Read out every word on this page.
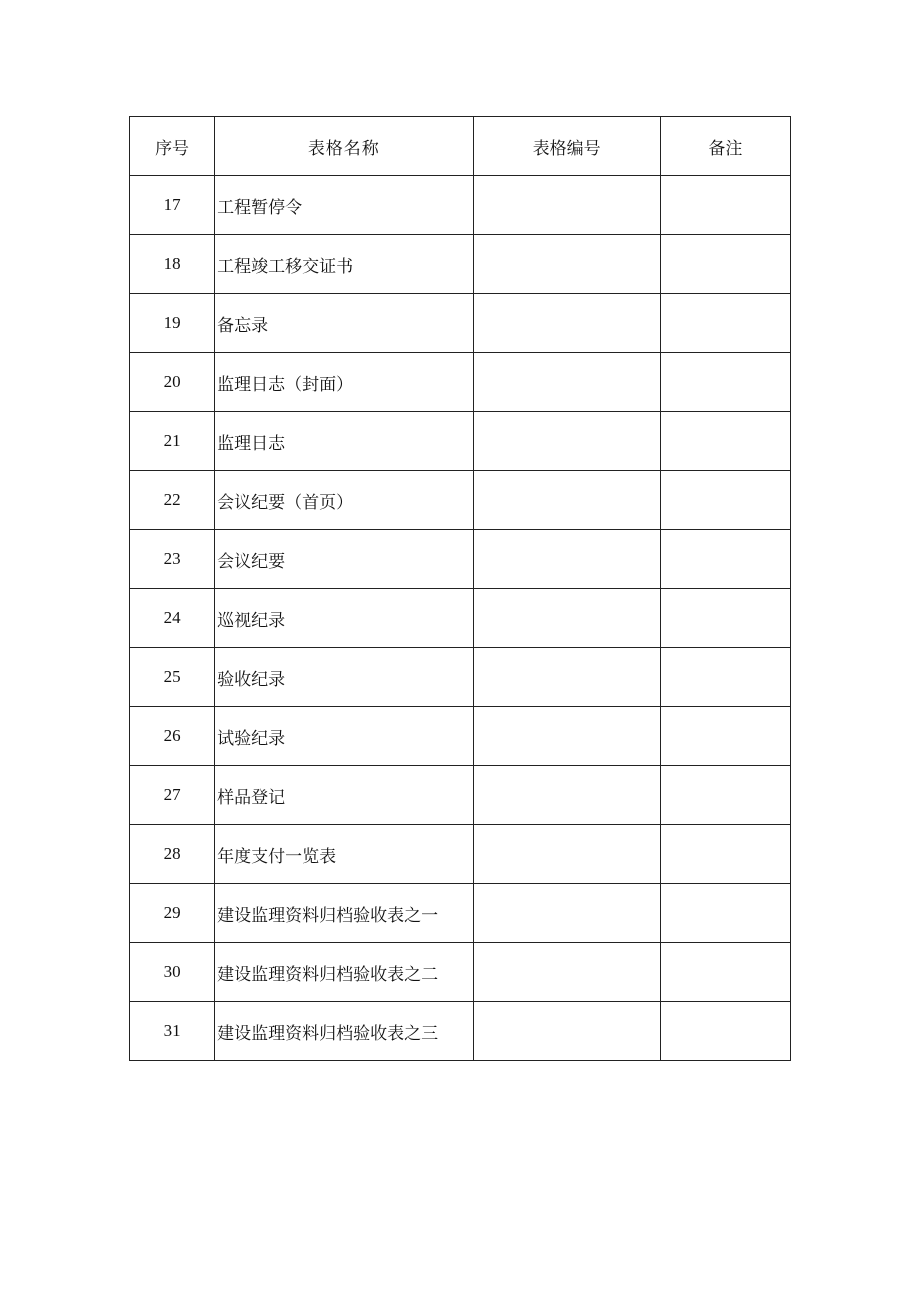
序号	表格名称	表格编号	备注
17	工程暂停令		
18	工程竣工移交证书		
19	备忘录		
20	监理日志（封面）		
21	监理日志		
22	会议纪要（首页）		
23	会议纪要		
24	巡视纪录		
25	验收纪录		
26	试验纪录		
27	样品登记		
28	年度支付一览表		
29	建设监理资料归档验收表之一		
30	建设监理资料归档验收表之二		
31	建设监理资料归档验收表之三		
